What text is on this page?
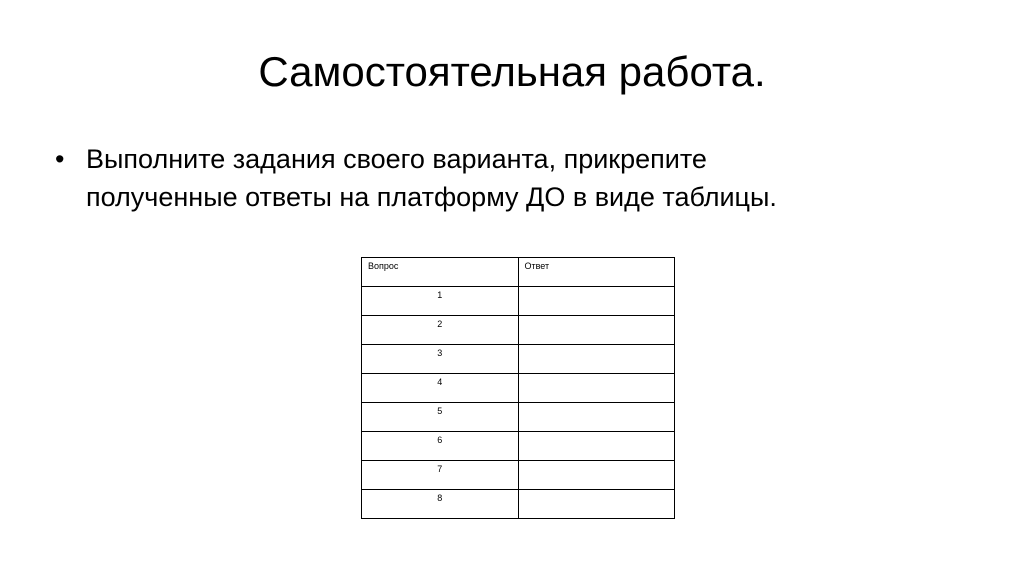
Самостоятельная работа.
• Выполните задания своего варианта, прикрепите
полученные ответы на платформу ДО в виде таблицы.
Вопрос	Ответ
1	
2	
3	
4	
5	
6	
7	
8	
